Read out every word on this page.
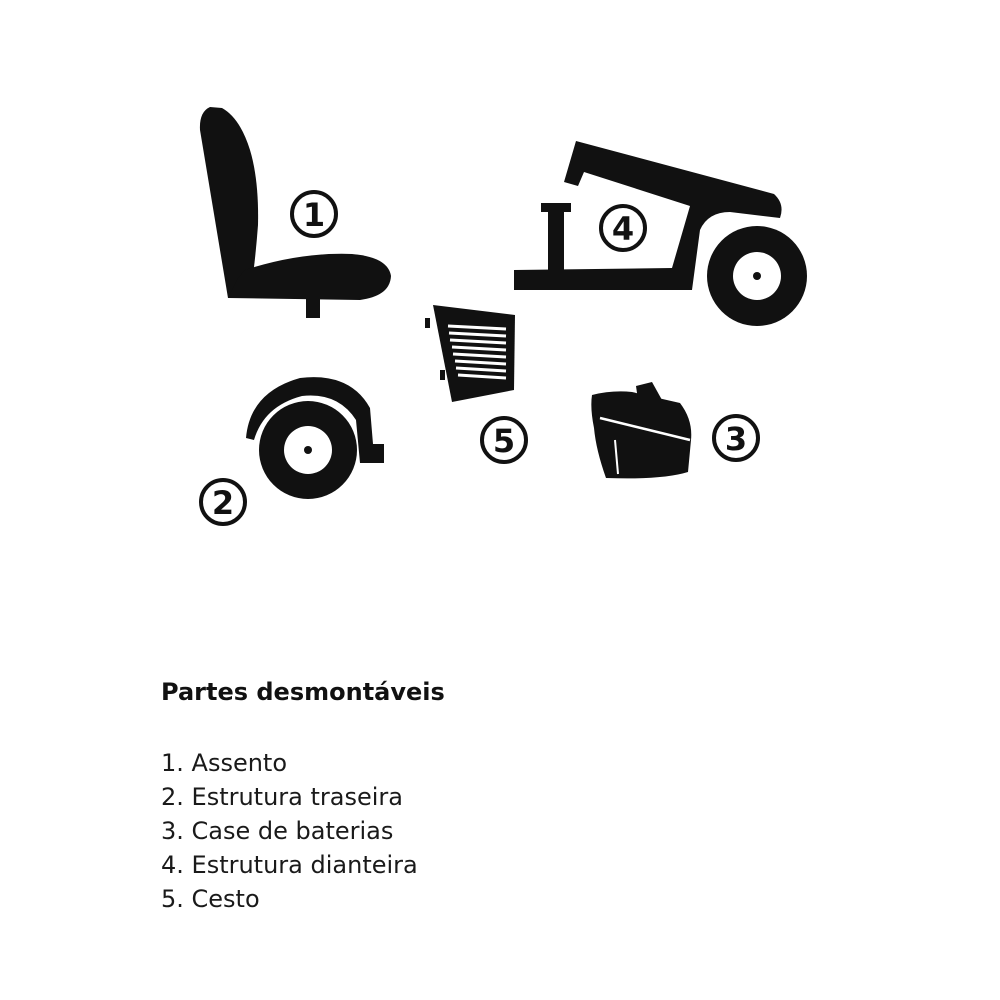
1	4
5
2
3
Partes desmontáveis
1. Assento
2. Estrutura traseira
3. Case de baterias
4. Estrutura dianteira
5. Cesto
